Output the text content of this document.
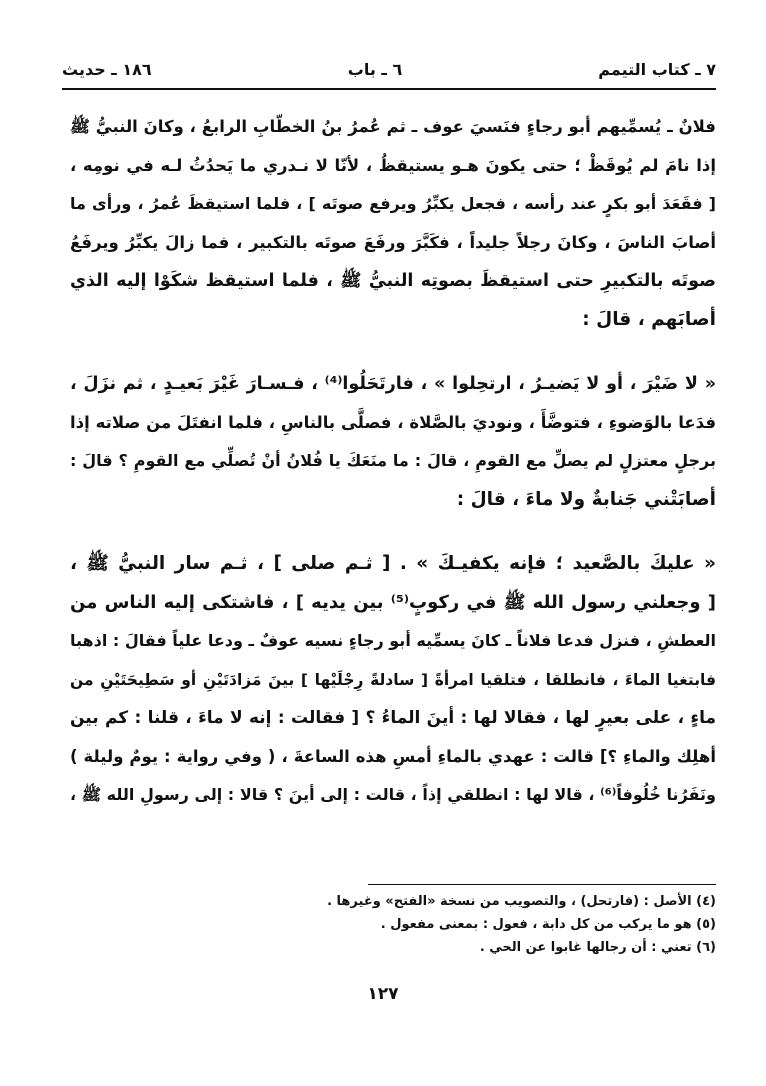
٧ ـ كتاب التيمم
٦ ـ باب
١٨٦ ـ حديث

فلانٌ ـ يُسمِّيهم أبو رجاءٍ فنَسيَ عوف ـ ثم عُمرُ بنُ الخطّابِ الرابعُ ، وكانَ النبيُّ ﷺ
إذا نامَ لم يُوقَظْ ؛ حتى يكونَ هـو يستيقظُ ، لأنّا لا نـدري ما يَحدُثُ لـه في نومِه ،
[ فقَعَدَ أبو بكرٍ عند رأسه ، فجعل يكبِّرُ ويرفع صوتَه ] ، فلما استيقظَ عُمرُ ، ورأى ما
أصابَ الناسَ ، وكانَ رجلاً جليداً ، فكَبَّرَ ورفَعَ صوتَه بالتكبير ، فما زالَ يكبِّرُ ويرفَعُ
صوتَه بالتكبيرِ حتى استيقظَ بصوتِه النبيُّ ﷺ ، فلما استيقظ شكَوْا إليه الذي
أصابَهم ، قالَ :

« لا ضَيْرَ ، أو لا يَضيـرُ ، ارتحِلوا » ، فارتَحَلُوا⁽⁴⁾ ، فـسـارَ غَيْرَ بَعيـدٍ ، ثم نزَلَ ،
فدَعا بالوَضوءِ ، فتوضَّأَ ، ونوديَ بالصَّلاة ، فصلَّى بالناسِ ، فلما انفتَلَ من صلاته إذا
برجلٍ معتزلٍ لم يصلِّ مع القومِ ، قالَ : ما منَعَكَ يا فُلانُ أنْ تُصلِّي مع القومِ ؟ قالَ :
أصابَتْني جَنابةٌ ولا ماءَ ، قالَ :

« عليكَ بالصَّعيد ؛ فإنه يكفيـكَ » . [ ثـم صلى ] ، ثـم سار النبيُّ ﷺ ،
[ وجعلني رسول الله ﷺ في ركوبٍ⁽⁵⁾ بين يديه ] ، فاشتكى إليه الناس من
العطشِ ، فنزل فدعا فلاناً ـ كانَ يسمِّيه أبو رجاءٍ نسيه عوفٌ ـ ودعا علياً فقالَ : اذهبا
فابتغيا الماءَ ، فانطلقا ، فتلقيا امرأةً [ سادلةً رِجْلَيْها ] بينَ مَزادَتَيْنِ أو سَطِيحَتَيْنِ من
ماءٍ ، على بعيرٍ لها ، فقالا لها : أينَ الماءُ ؟ [ فقالت : إنه لا ماءَ ، قلنا : كم بين
أهلِك والماءِ ؟] قالت : عهدي بالماءِ أمسِ هذه الساعةَ ، ( وفي رواية : يومٌ وليلة )
ونَفَرُنا خُلُوفاً⁽⁶⁾ ، قالا لها : انطلقي إذاً ، قالت : إلى أينَ ؟ قالا : إلى رسولِ الله ﷺ ،

(٤) الأصل : (فارتحل) ، والتصويب من نسخة «الفتح» وغيرها .
(٥) هو ما يركب من كل دابة ، فعول : بمعنى مفعول .
(٦) تعني : أن رجالها غابوا عن الحي .
١٢٧
